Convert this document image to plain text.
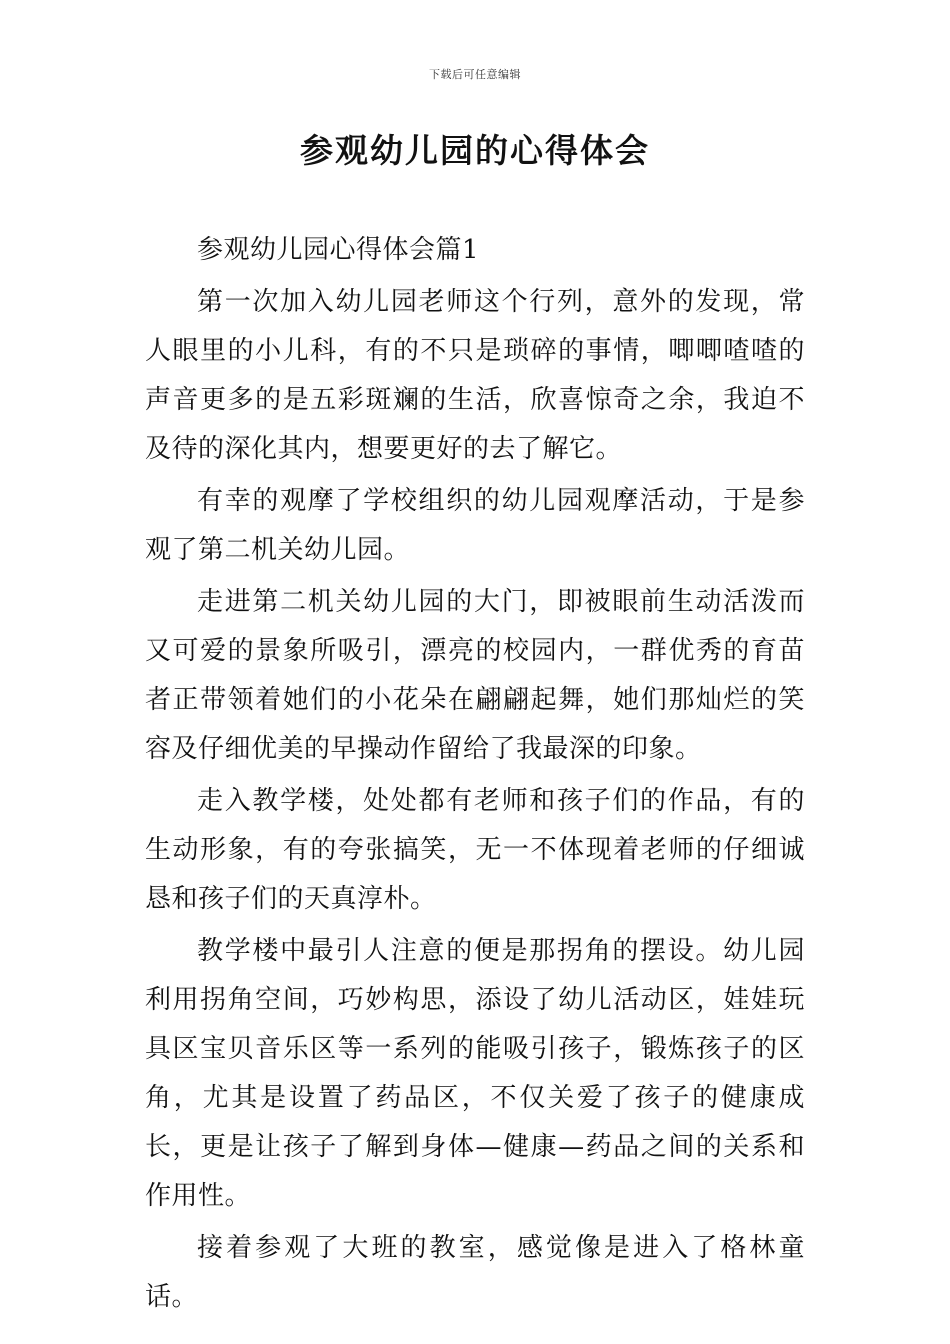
下载后可任意编辑
参观幼儿园的心得体会

参观幼儿园心得体会篇1

第一次加入幼儿园老师这个行列，意外的发现，常人眼里的小儿科，有的不只是琐碎的事情，唧唧喳喳的声音更多的是五彩斑斓的生活，欣喜惊奇之余，我迫不及待的深化其内，想要更好的去了解它。

有幸的观摩了学校组织的幼儿园观摩活动，于是参观了第二机关幼儿园。

走进第二机关幼儿园的大门，即被眼前生动活泼而又可爱的景象所吸引，漂亮的校园内，一群优秀的育苗者正带领着她们的小花朵在翩翩起舞，她们那灿烂的笑容及仔细优美的早操动作留给了我最深的印象。

走入教学楼，处处都有老师和孩子们的作品，有的生动形象，有的夸张搞笑，无一不体现着老师的仔细诚恳和孩子们的天真淳朴。

教学楼中最引人注意的便是那拐角的摆设。幼儿园利用拐角空间，巧妙构思，添设了幼儿活动区，娃娃玩具区宝贝音乐区等一系列的能吸引孩子，锻炼孩子的区角，尤其是设置了药品区，不仅关爱了孩子的健康成长，更是让孩子了解到身体—健康—药品之间的关系和作用性。

接着参观了大班的教室，感觉像是进入了格林童话。
